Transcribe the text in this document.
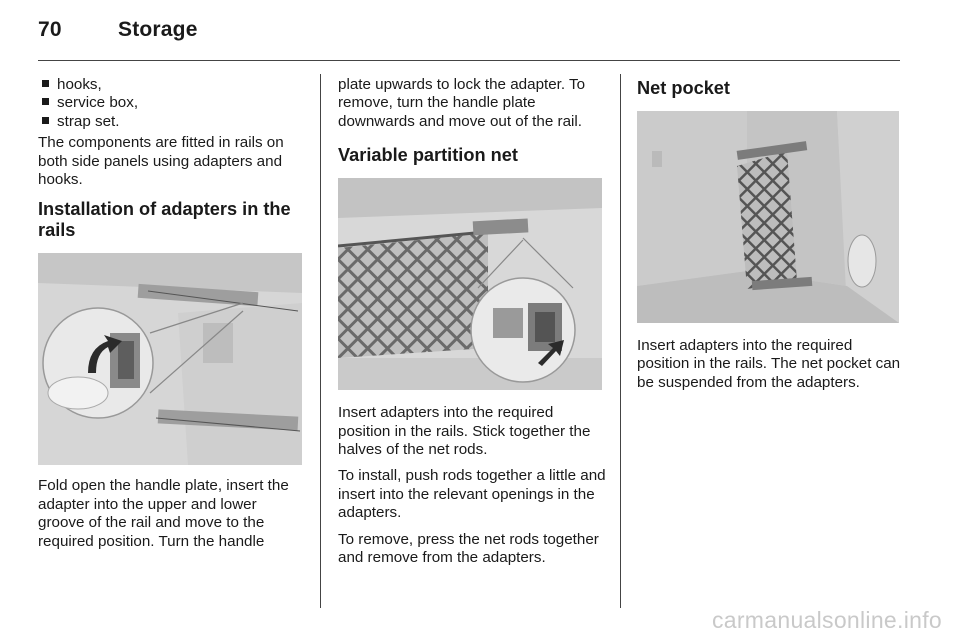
70	Storage
hooks,
service box,
strap set.

The components are fitted in rails on both side panels using adapters and hooks.

Installation of adapters in the rails

Fold open the handle plate, insert the adapter into the upper and lower groove of the rail and move to the required position. Turn the handle

plate upwards to lock the adapter. To remove, turn the handle plate downwards and move out of the rail.

Variable partition net

Insert adapters into the required position in the rails. Stick together the halves of the net rods.

To install, push rods together a little and insert into the relevant openings in the adapters.

To remove, press the net rods together and remove from the adapters.

Net pocket

Insert adapters into the required position in the rails. The net pocket can be suspended from the adapters.

carmanualsonline.info
